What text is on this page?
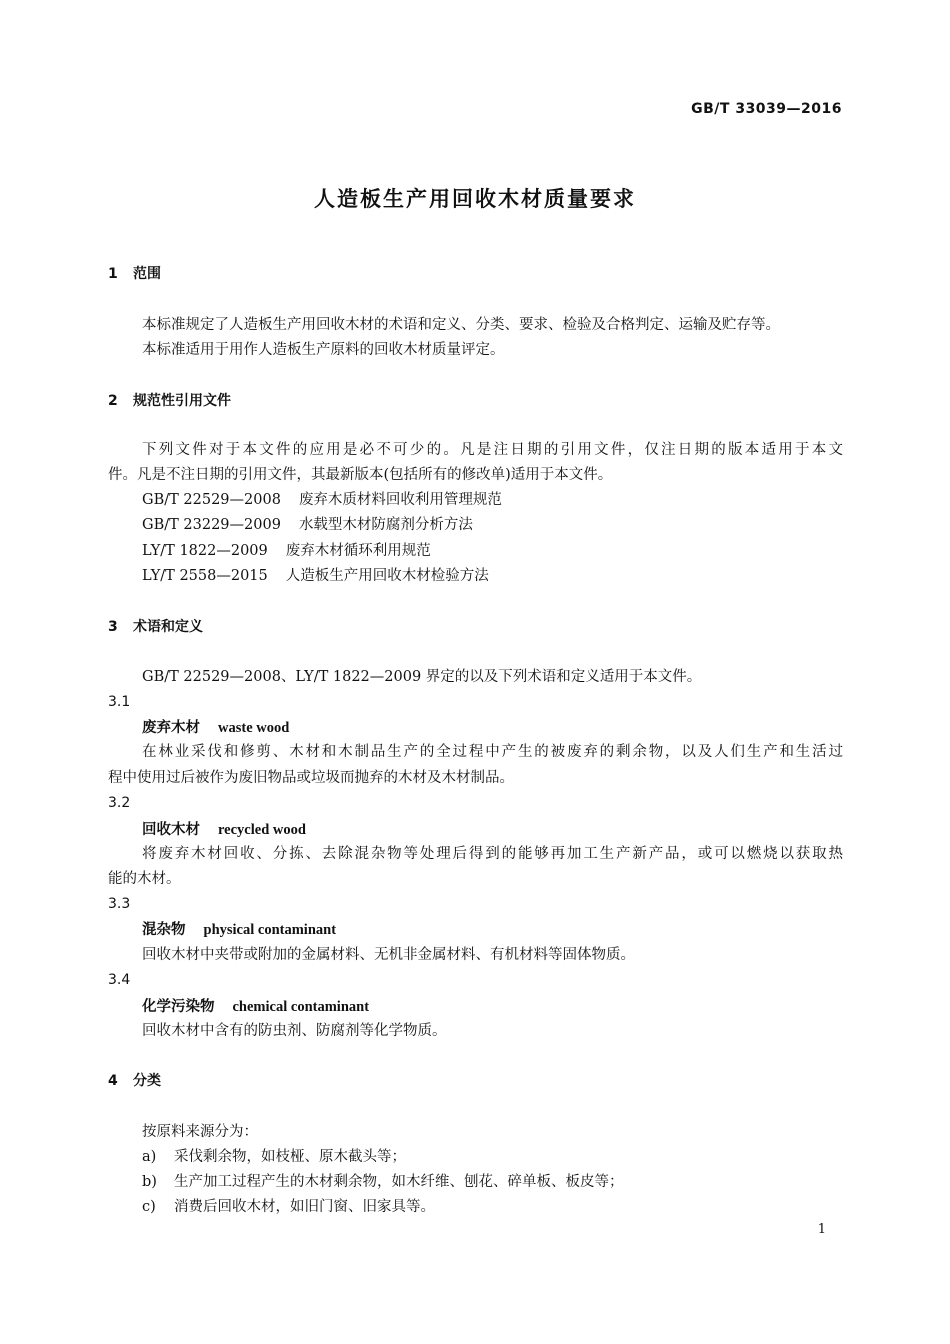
GB/T 33039—2016
人造板生产用回收木材质量要求
1 范围
本标准规定了人造板生产用回收木材的术语和定义、分类、要求、检验及合格判定、运输及贮存等。
本标准适用于用作人造板生产原料的回收木材质量评定。
2 规范性引用文件
下列文件对于本文件的应用是必不可少的。凡是注日期的引用文件，仅注日期的版本适用于本文
件。凡是不注日期的引用文件，其最新版本(包括所有的修改单)适用于本文件。
GB/T 22529—2008 废弃木质材料回收利用管理规范
GB/T 23229—2009 水载型木材防腐剂分析方法
LY/T 1822—2009 废弃木材循环利用规范
LY/T 2558—2015 人造板生产用回收木材检验方法
3 术语和定义
GB/T 22529—2008、LY/T 1822—2009 界定的以及下列术语和定义适用于本文件。
3.1
废弃木材 waste wood
在林业采伐和修剪、木材和木制品生产的全过程中产生的被废弃的剩余物，以及人们生产和生活过
程中使用过后被作为废旧物品或垃圾而抛弃的木材及木材制品。
3.2
回收木材 recycled wood
将废弃木材回收、分拣、去除混杂物等处理后得到的能够再加工生产新产品，或可以燃烧以获取热
能的木材。
3.3
混杂物 physical contaminant
回收木材中夹带或附加的金属材料、无机非金属材料、有机材料等固体物质。
3.4
化学污染物 chemical contaminant
回收木材中含有的防虫剂、防腐剂等化学物质。
4 分类
按原料来源分为：
a) 采伐剩余物，如枝桠、原木截头等；
b) 生产加工过程产生的木材剩余物，如木纤维、刨花、碎单板、板皮等；
c) 消费后回收木材，如旧门窗、旧家具等。
1
